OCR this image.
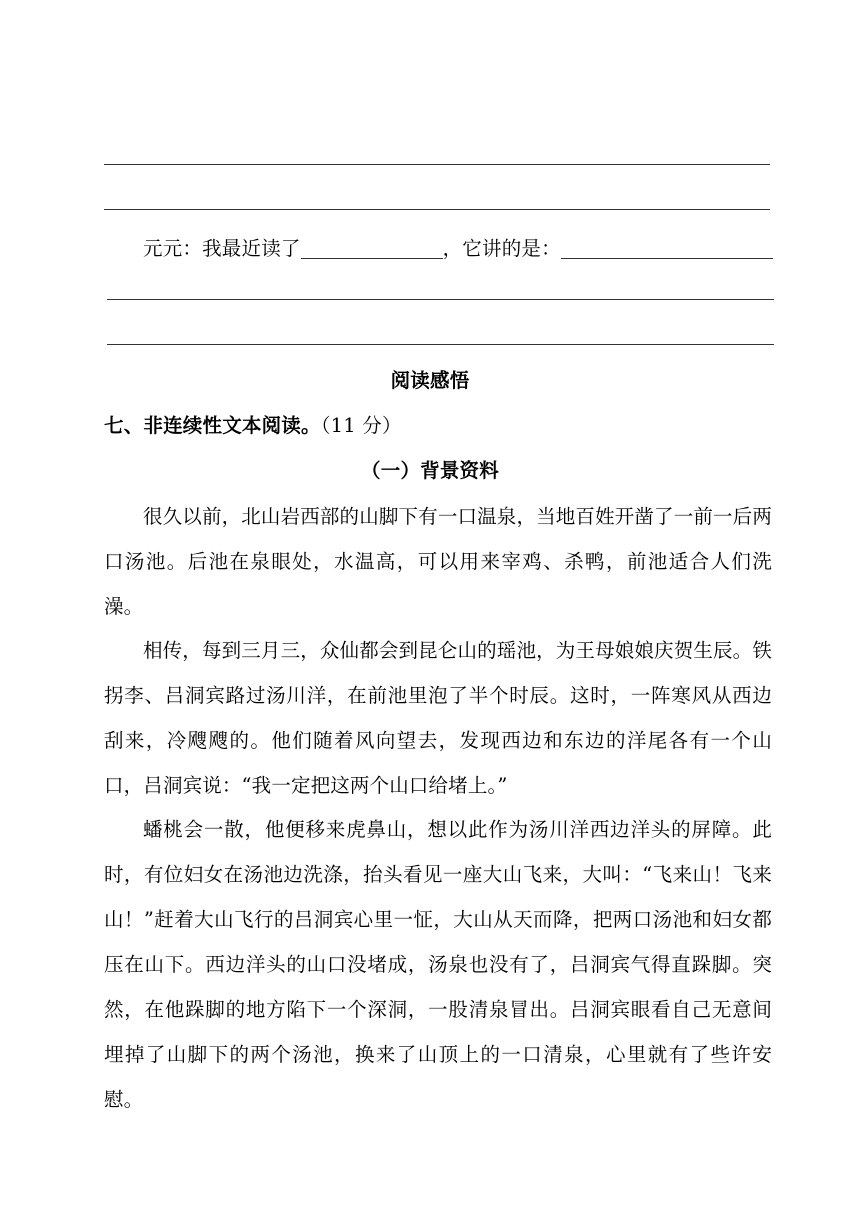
元元：我最近读了	，它讲的是：
阅读感悟
七、非连续性文本阅读。（11 分）
（一）背景资料
很久以前，北山岩西部的山脚下有一口温泉，当地百姓开凿了一前一后两口汤池。后池在泉眼处，水温高，可以用来宰鸡、杀鸭，前池适合人们洗澡。
相传，每到三月三，众仙都会到昆仑山的瑶池，为王母娘娘庆贺生辰。铁拐李、吕洞宾路过汤川洋，在前池里泡了半个时辰。这时，一阵寒风从西边刮来，冷飕飕的。他们随着风向望去，发现西边和东边的洋尾各有一个山口，吕洞宾说：“我一定把这两个山口给堵上。”
蟠桃会一散，他便移来虎鼻山，想以此作为汤川洋西边洋头的屏障。此时，有位妇女在汤池边洗涤，抬头看见一座大山飞来，大叫：“飞来山！飞来山！”赶着大山飞行的吕洞宾心里一怔，大山从天而降，把两口汤池和妇女都压在山下。西边洋头的山口没堵成，汤泉也没有了，吕洞宾气得直跺脚。突然，在他跺脚的地方陷下一个深洞，一股清泉冒出。吕洞宾眼看自己无意间埋掉了山脚下的两个汤池，换来了山顶上的一口清泉，心里就有了些许安慰。
